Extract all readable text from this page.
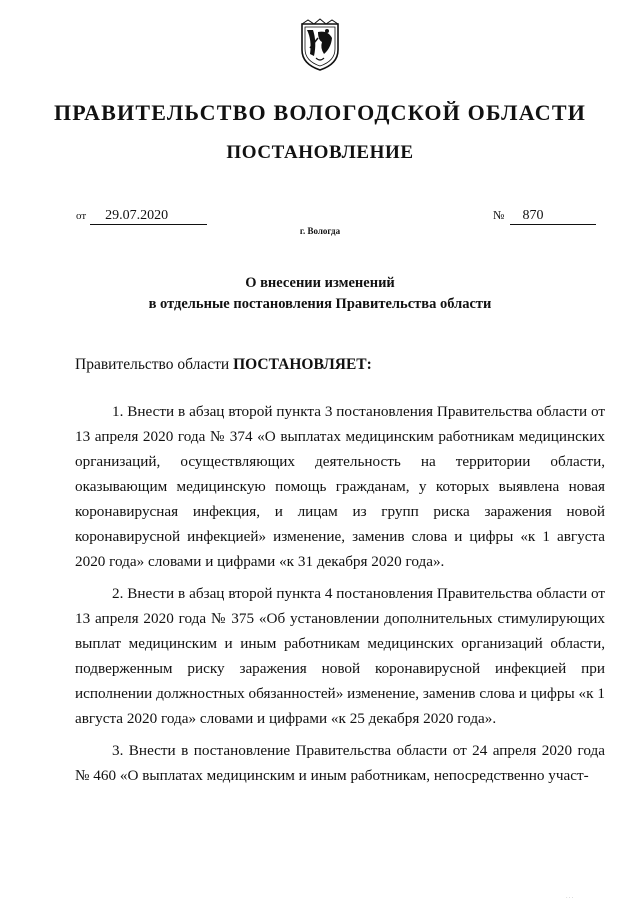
ПРАВИТЕЛЬСТВО ВОЛОГОДСКОЙ ОБЛАСТИ
ПОСТАНОВЛЕНИЕ
от 29.07.2020	№ 870
г. Вологда
О внесении изменений
в отдельные постановления Правительства области
Правительство области ПОСТАНОВЛЯЕТ:

1. Внести в абзац второй пункта 3 постановления Правительства области от 13 апреля 2020 года № 374 «О выплатах медицинским работникам медицинских организаций, осуществляющих деятельность на территории области, оказывающим медицинскую помощь гражданам, у которых выявлена новая коронавирусная инфекция, и лицам из групп риска заражения новой коронавирусной инфекцией» изменение, заменив слова и цифры «к 1 августа 2020 года» словами и цифрами «к 31 декабря 2020 года».

2. Внести в абзац второй пункта 4 постановления Правительства области от 13 апреля 2020 года № 375 «Об установлении дополнительных стимулирующих выплат медицинским и иным работникам медицинских организаций области, подверженным риску заражения новой коронавирусной инфекцией при исполнении должностных обязанностей» изменение, заменив слова и цифры «к 1 августа 2020 года» словами и цифрами «к 25 декабря 2020 года».

3. Внести в постановление Правительства области от 24 апреля 2020 года № 460 «О выплатах медицинским и иным работникам, непосредственно участ-

· · ·
